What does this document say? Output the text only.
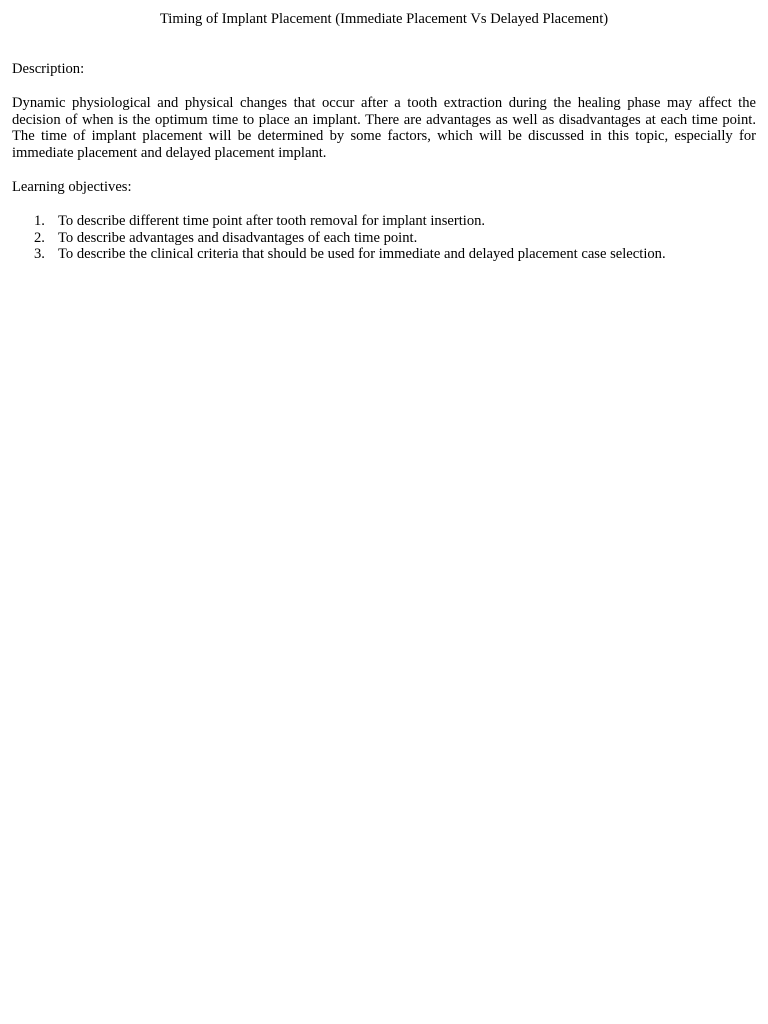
Timing of Implant Placement (Immediate Placement Vs Delayed Placement)

Description:

Dynamic physiological and physical changes that occur after a tooth extraction during the healing phase may affect the decision of when is the optimum time to place an implant. There are advantages as well as disadvantages at each time point. The time of implant placement will be determined by some factors, which will be discussed in this topic, especially for immediate placement and delayed placement implant.

Learning objectives:

1. To describe different time point after tooth removal for implant insertion.
2. To describe advantages and disadvantages of each time point.
3. To describe the clinical criteria that should be used for immediate and delayed placement case selection.
